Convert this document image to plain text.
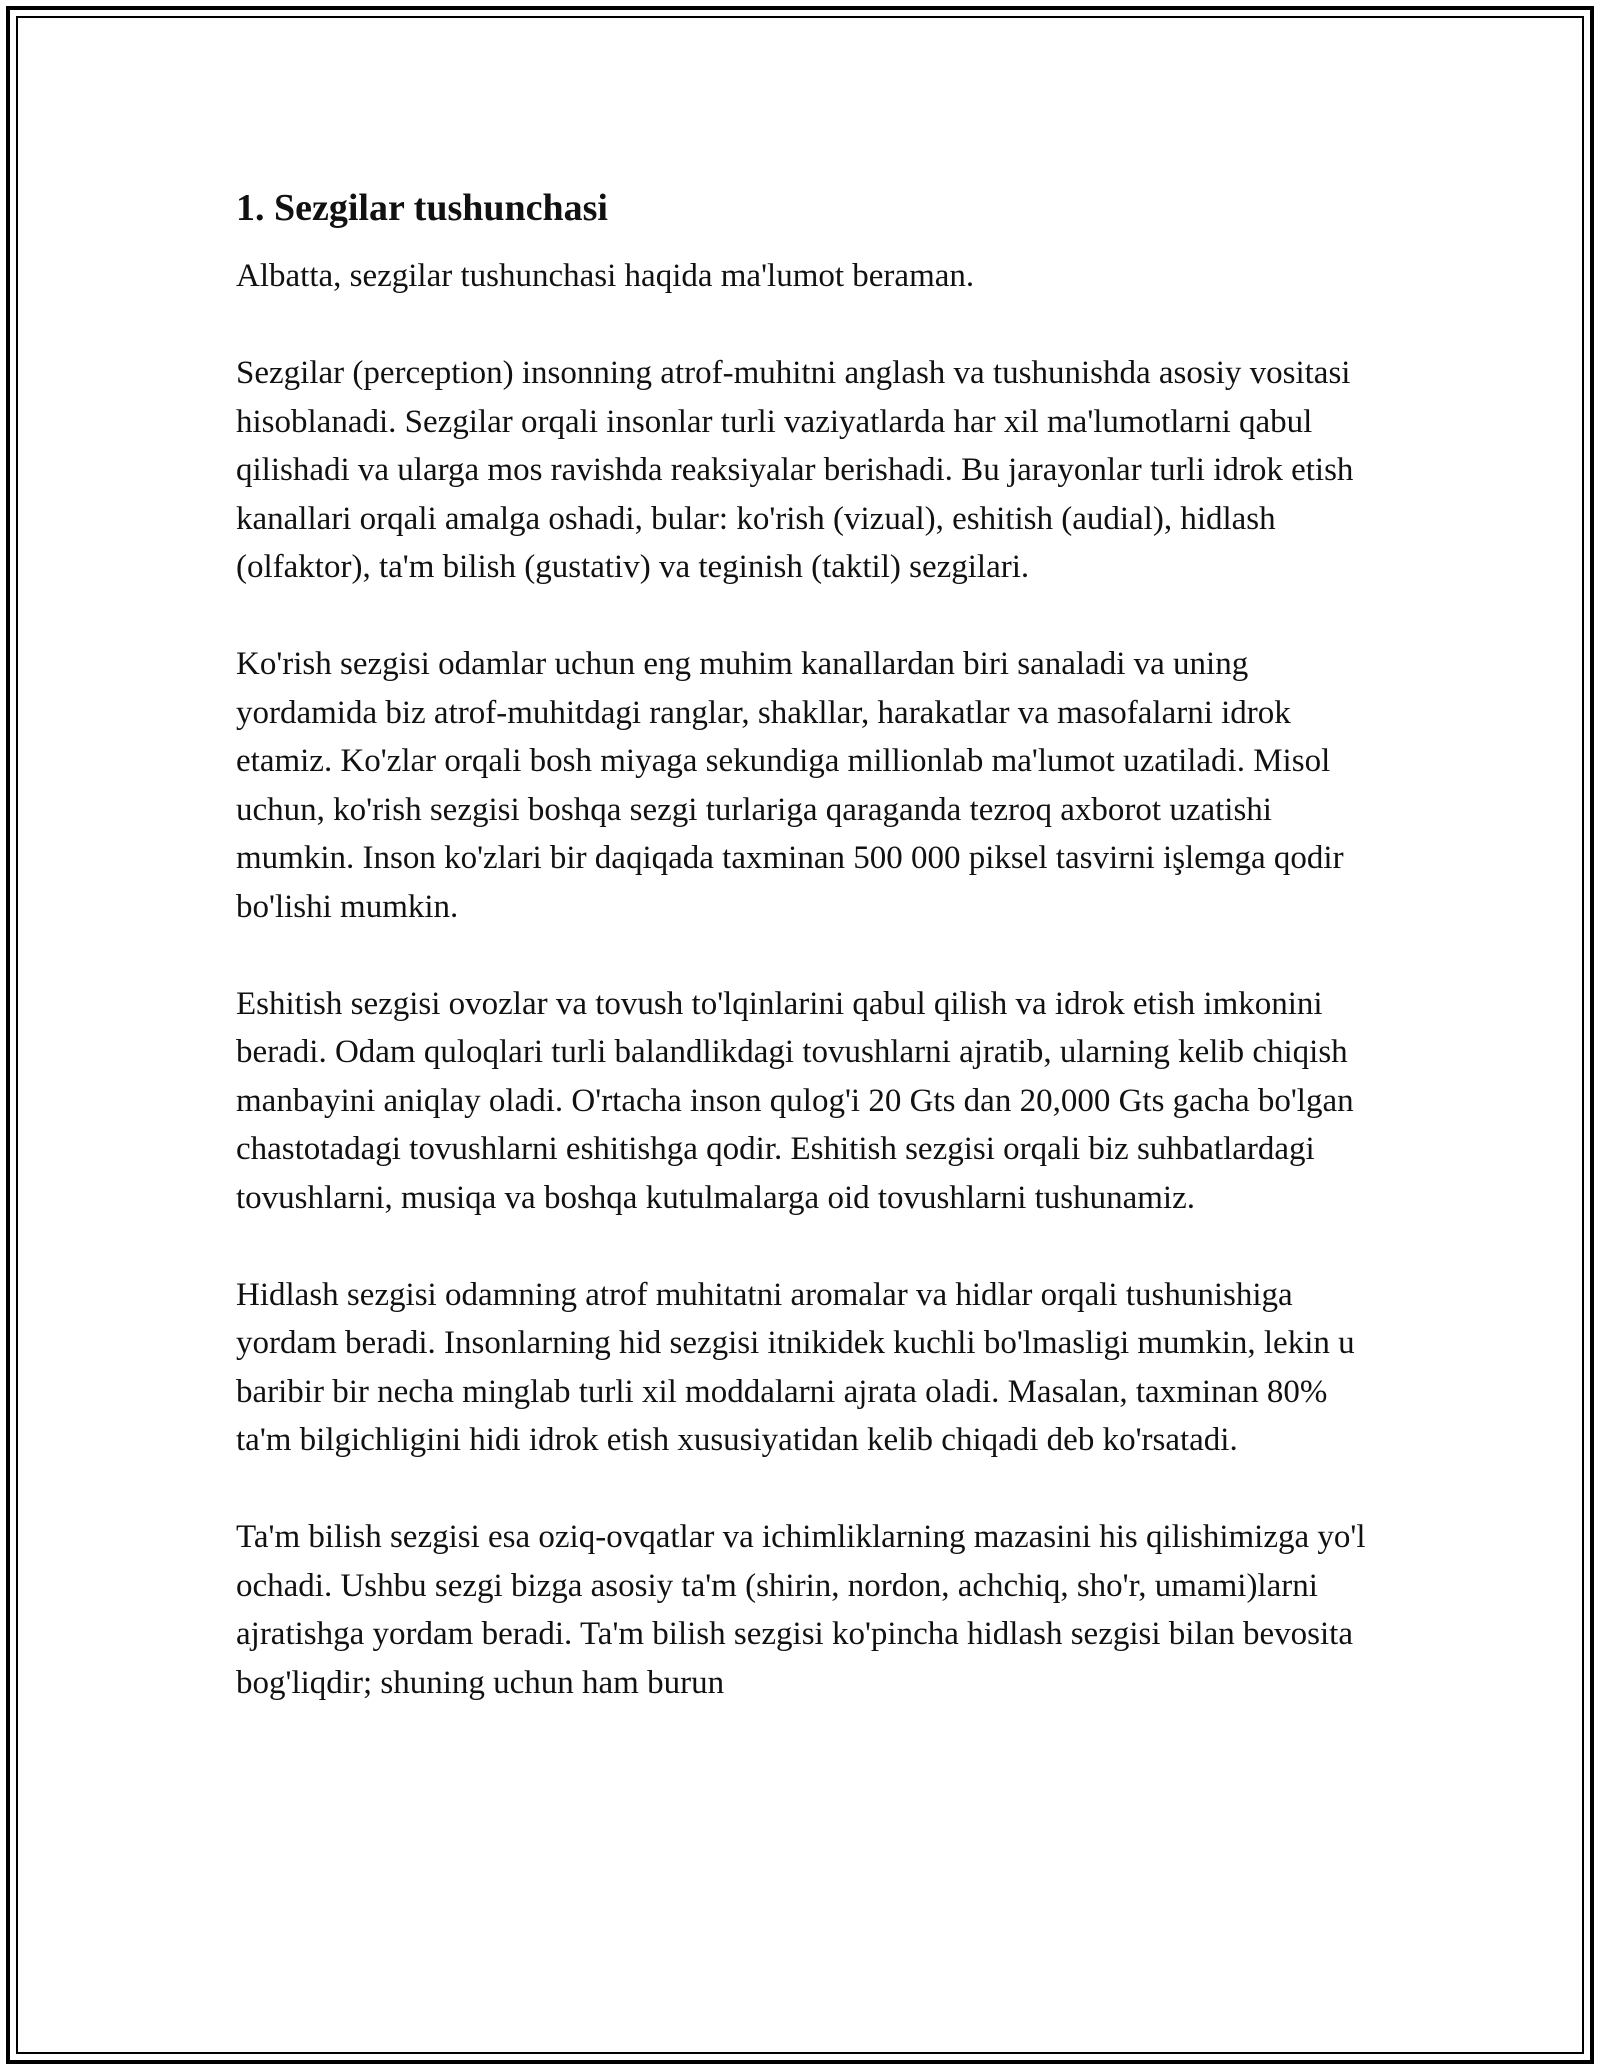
1. Sezgilar tushunchasi

Albatta, sezgilar tushunchasi haqida ma'lumot beraman.

Sezgilar (perception) insonning atrof-muhitni anglash va tushunishda asosiy vositasi hisoblanadi. Sezgilar orqali insonlar turli vaziyatlarda har xil ma'lumotlarni qabul qilishadi va ularga mos ravishda reaksiyalar berishadi. Bu jarayonlar turli idrok etish kanallari orqali amalga oshadi, bular: ko'rish (vizual), eshitish (audial), hidlash (olfaktor), ta'm bilish (gustativ) va teginish (taktil) sezgilari.

Ko'rish sezgisi odamlar uchun eng muhim kanallardan biri sanaladi va uning yordamida biz atrof-muhitdagi ranglar, shakllar, harakatlar va masofalarni idrok etamiz. Ko'zlar orqali bosh miyaga sekundiga millionlab ma'lumot uzatiladi. Misol uchun, ko'rish sezgisi boshqa sezgi turlariga qaraganda tezroq axborot uzatishi mumkin. Inson ko'zlari bir daqiqada taxminan 500 000 piksel tasvirni işlemga qodir bo'lishi mumkin.

Eshitish sezgisi ovozlar va tovush to'lqinlarini qabul qilish va idrok etish imkonini beradi. Odam quloqlari turli balandlikdagi tovushlarni ajratib, ularning kelib chiqish manbayini aniqlay oladi. O'rtacha inson qulog'i 20 Gts dan 20,000 Gts gacha bo'lgan chastotadagi tovushlarni eshitishga qodir. Eshitish sezgisi orqali biz suhbatlardagi tovushlarni, musiqa va boshqa kutulmalarga oid tovushlarni tushunamiz.

Hidlash sezgisi odamning atrof muhitatni aromalar va hidlar orqali tushunishiga yordam beradi. Insonlarning hid sezgisi itnikidek kuchli bo'lmasligi mumkin, lekin u baribir bir necha minglab turli xil moddalarni ajrata oladi. Masalan, taxminan 80% ta'm bilgichligini hidi idrok etish xususiyatidan kelib chiqadi deb ko'rsatadi.

Ta'm bilish sezgisi esa oziq-ovqatlar va ichimliklarning mazasini his qilishimizga yo'l ochadi. Ushbu sezgi bizga asosiy ta'm (shirin, nordon, achchiq, sho'r, umami)larni ajratishga yordam beradi. Ta'm bilish sezgisi ko'pincha hidlash sezgisi bilan bevosita bog'liqdir; shuning uchun ham burun
